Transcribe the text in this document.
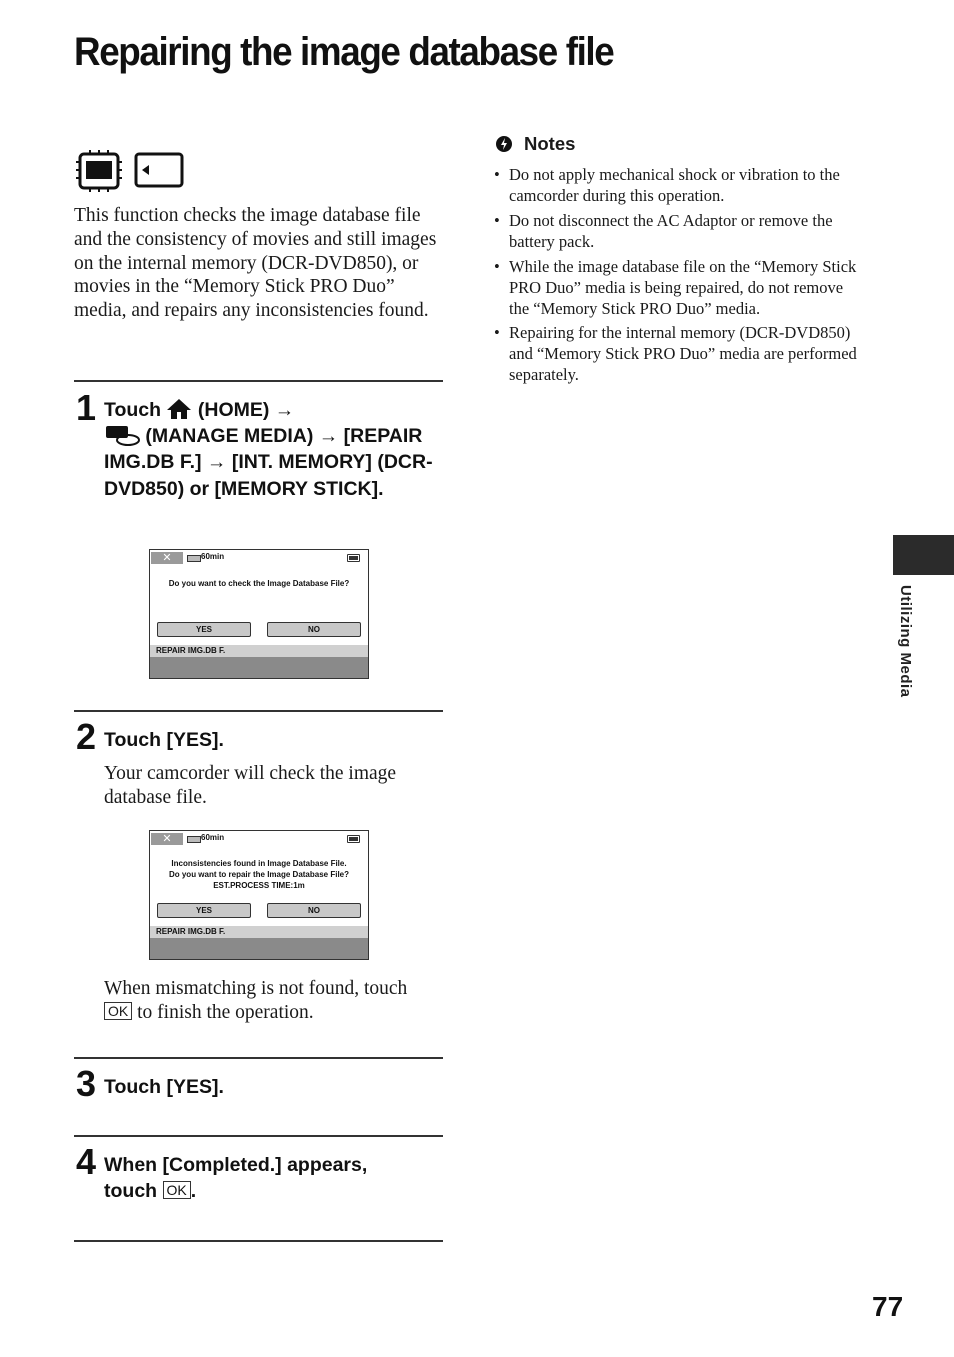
Repairing the image database file

This function checks the image database file and the consistency of movies and still images on the internal memory (DCR-DVD850), or movies in the “Memory Stick PRO Duo” media, and repairs any inconsistencies found.

1 Touch (HOME) →
(MANAGE MEDIA) → [REPAIR IMG.DB F.] → [INT. MEMORY] (DCR-DVD850) or [MEMORY STICK].
✕	60min
Do you want to check the Image Database File?
YES	NO
REPAIR IMG.DB F.
2 Touch [YES].

Your camcorder will check the image database file.

✕	60min
Inconsistencies found in Image Database File.
Do you want to repair the Image Database File?
EST.PROCESS TIME:1m
YES	NO
REPAIR IMG.DB F.

When mismatching is not found, touch
OK to finish the operation.

3 Touch [YES].
4 When [Completed.] appears,
touch OK .
Notes
• Do not apply mechanical shock or vibration to the camcorder during this operation.
• Do not disconnect the AC Adaptor or remove the battery pack.
• While the image database file on the “Memory Stick PRO Duo” media is being repaired, do not remove the “Memory Stick PRO Duo” media.
• Repairing for the internal memory (DCR-DVD850) and “Memory Stick PRO Duo” media are performed separately.
Utilizing Media
77
